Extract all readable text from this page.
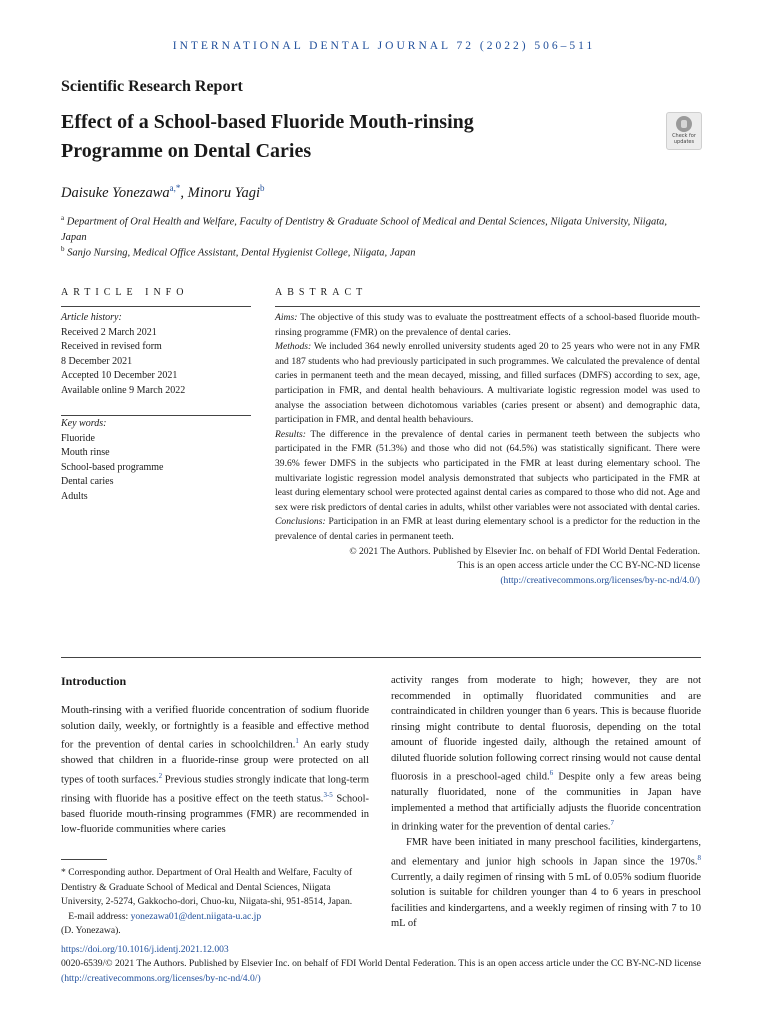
INTERNATIONAL DENTAL JOURNAL 72 (2022) 506–511
Scientific Research Report
Effect of a School-based Fluoride Mouth-rinsing
Programme on Dental Caries
Check for updates
Daisuke Yonezawa$^{a,*}$, Minoru Yagi$^b$
$^a$ Department of Oral Health and Welfare, Faculty of Dentistry & Graduate School of Medical and Dental Sciences, Niigata University, Niigata, Japan
$^b$ Sanjo Nursing, Medical Office Assistant, Dental Hygienist College, Niigata, Japan
ARTICLE INFO	ABSTRACT
Article history:
Received 2 March 2021
Received in revised form
8 December 2021
Accepted 10 December 2021
Available online 9 March 2022
Key words:
Fluoride
Mouth rinse
School-based programme
Dental caries
Adults

Aims: The objective of this study was to evaluate the posttreatment effects of a school-based fluoride mouth-rinsing programme (FMR) on the prevalence of dental caries.

Methods: We included 364 newly enrolled university students aged 20 to 25 years who were not in any FMR and 187 students who had previously participated in such programmes. We calculated the prevalence of dental caries in permanent teeth and the mean decayed, missing, and filled surfaces (DMFS) according to sex, age, participation in FMR, and dental health behaviours. A multivariate logistic regression model was used to analyse the association between dichotomous variables (caries present or absent) and demographic data, participation in FMR, and dental health behaviours.

Results: The difference in the prevalence of dental caries in permanent teeth between the subjects who participated in the FMR (51.3%) and those who did not (64.5%) was statistically significant. There were 39.6% fewer DMFS in the subjects who participated in the FMR at least during elementary school. The multivariate logistic regression model analysis demonstrated that subjects who participated in the FMR at least during elementary school were protected against dental caries as compared to those who did not. Age and sex were risk predictors of dental caries in adults, whilst other variables were not associated with dental caries.

Conclusions: Participation in an FMR at least during elementary school is a predictor for the reduction in the prevalence of dental caries in permanent teeth.

© 2021 The Authors. Published by Elsevier Inc. on behalf of FDI World Dental Federation.

This is an open access article under the CC BY-NC-ND license

(http://creativecommons.org/licenses/by-nc-nd/4.0/)

Introduction

Mouth-rinsing with a verified fluoride concentration of sodium fluoride solution daily, weekly, or fortnightly is a feasible and effective method for the prevention of dental caries in schoolchildren.$^1$ An early study showed that children in a fluoride-rinse group were protected on all types of tooth surfaces.$^2$ Previous studies strongly indicate that long-term rinsing with fluoride has a positive effect on the teeth status.$^{3-5}$ School-based fluoride mouth-rinsing programmes (FMR) are recommended in low-fluoride communities where caries

activity ranges from moderate to high; however, they are not recommended in optimally fluoridated communities and are contraindicated in children younger than 6 years. This is because fluoride rinsing might contribute to dental fluorosis, depending on the total amount of fluoride ingested daily, although the retained amount of diluted fluoride solution following correct rinsing would not cause dental fluorosis in a preschool-aged child.$^6$ Despite only a few areas being naturally fluoridated, none of the communities in Japan have implemented a method that artificially adjusts the fluoride concentration in drinking water for the prevention of dental caries.$^7$

FMR have been initiated in many preschool facilities, kindergartens, and elementary and junior high schools in Japan since the 1970s.$^8$ Currently, a daily regimen of rinsing with 5 mL of 0.05% sodium fluoride solution is suitable for children younger than 4 to 6 years in preschool facilities and kindergartens, and a weekly regimen of rinsing with 7 to 10 mL of

* Corresponding author. Department of Oral Health and Welfare, Faculty of Dentistry & Graduate School of Medical and Dental Sciences, Niigata University, 2-5274, Gakkocho-dori, Chuo-ku, Niigata-shi, 951-8514, Japan.
E-mail address: yonezawa01@dent.niigata-u.ac.jp
(D. Yonezawa).
https://doi.org/10.1016/j.identj.2021.12.003
0020-6539/© 2021 The Authors. Published by Elsevier Inc. on behalf of FDI World Dental Federation. This is an open access article under the CC BY-NC-ND license (http://creativecommons.org/licenses/by-nc-nd/4.0/)
